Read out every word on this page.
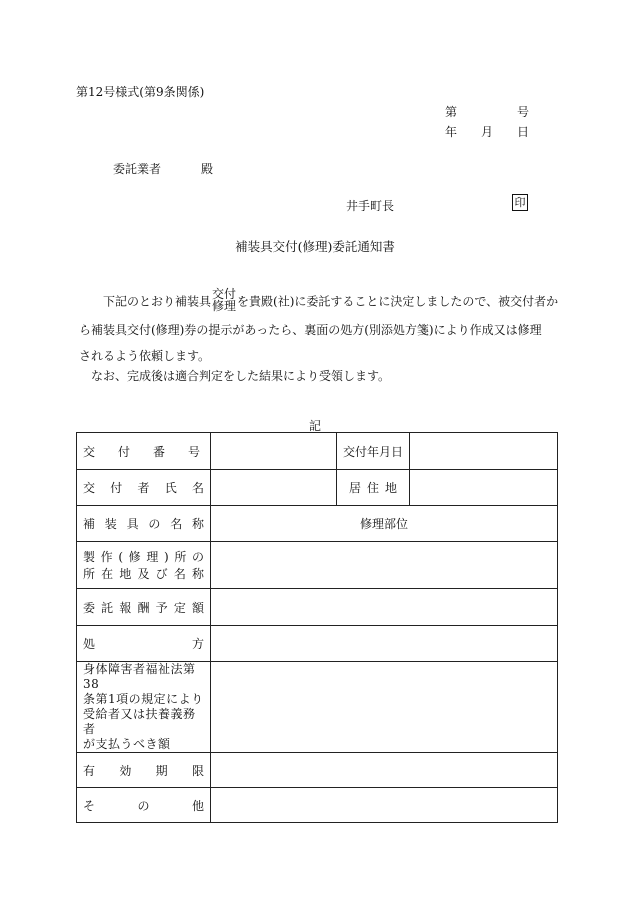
第12号様式(第9条関係)
第	号
年 月 日
委託業者	殿
井手町長	印
補装具交付(修理)委託通知書
下記のとおり補装具
交付
修理 を貴殿(社)に委託することに決定しましたので、被交付者か
ら補装具交付(修理)券の提示があったら、裏面の処方(別添処方箋)により作成又は修理
されるよう依頼します。
なお、完成後は適合判定をした結果により受領します。
記
交付番号		交付年月日	
交付者氏名		居住地	
補装具の名称	修理部位		

製作(修理)所の
所在地及び名称			

委託報酬予定額			
処 方			

身体障害者福祉法第38
条第1項の規定により
受給者又は扶養義務者
が支払うべき額			

有効期限			
その他			
